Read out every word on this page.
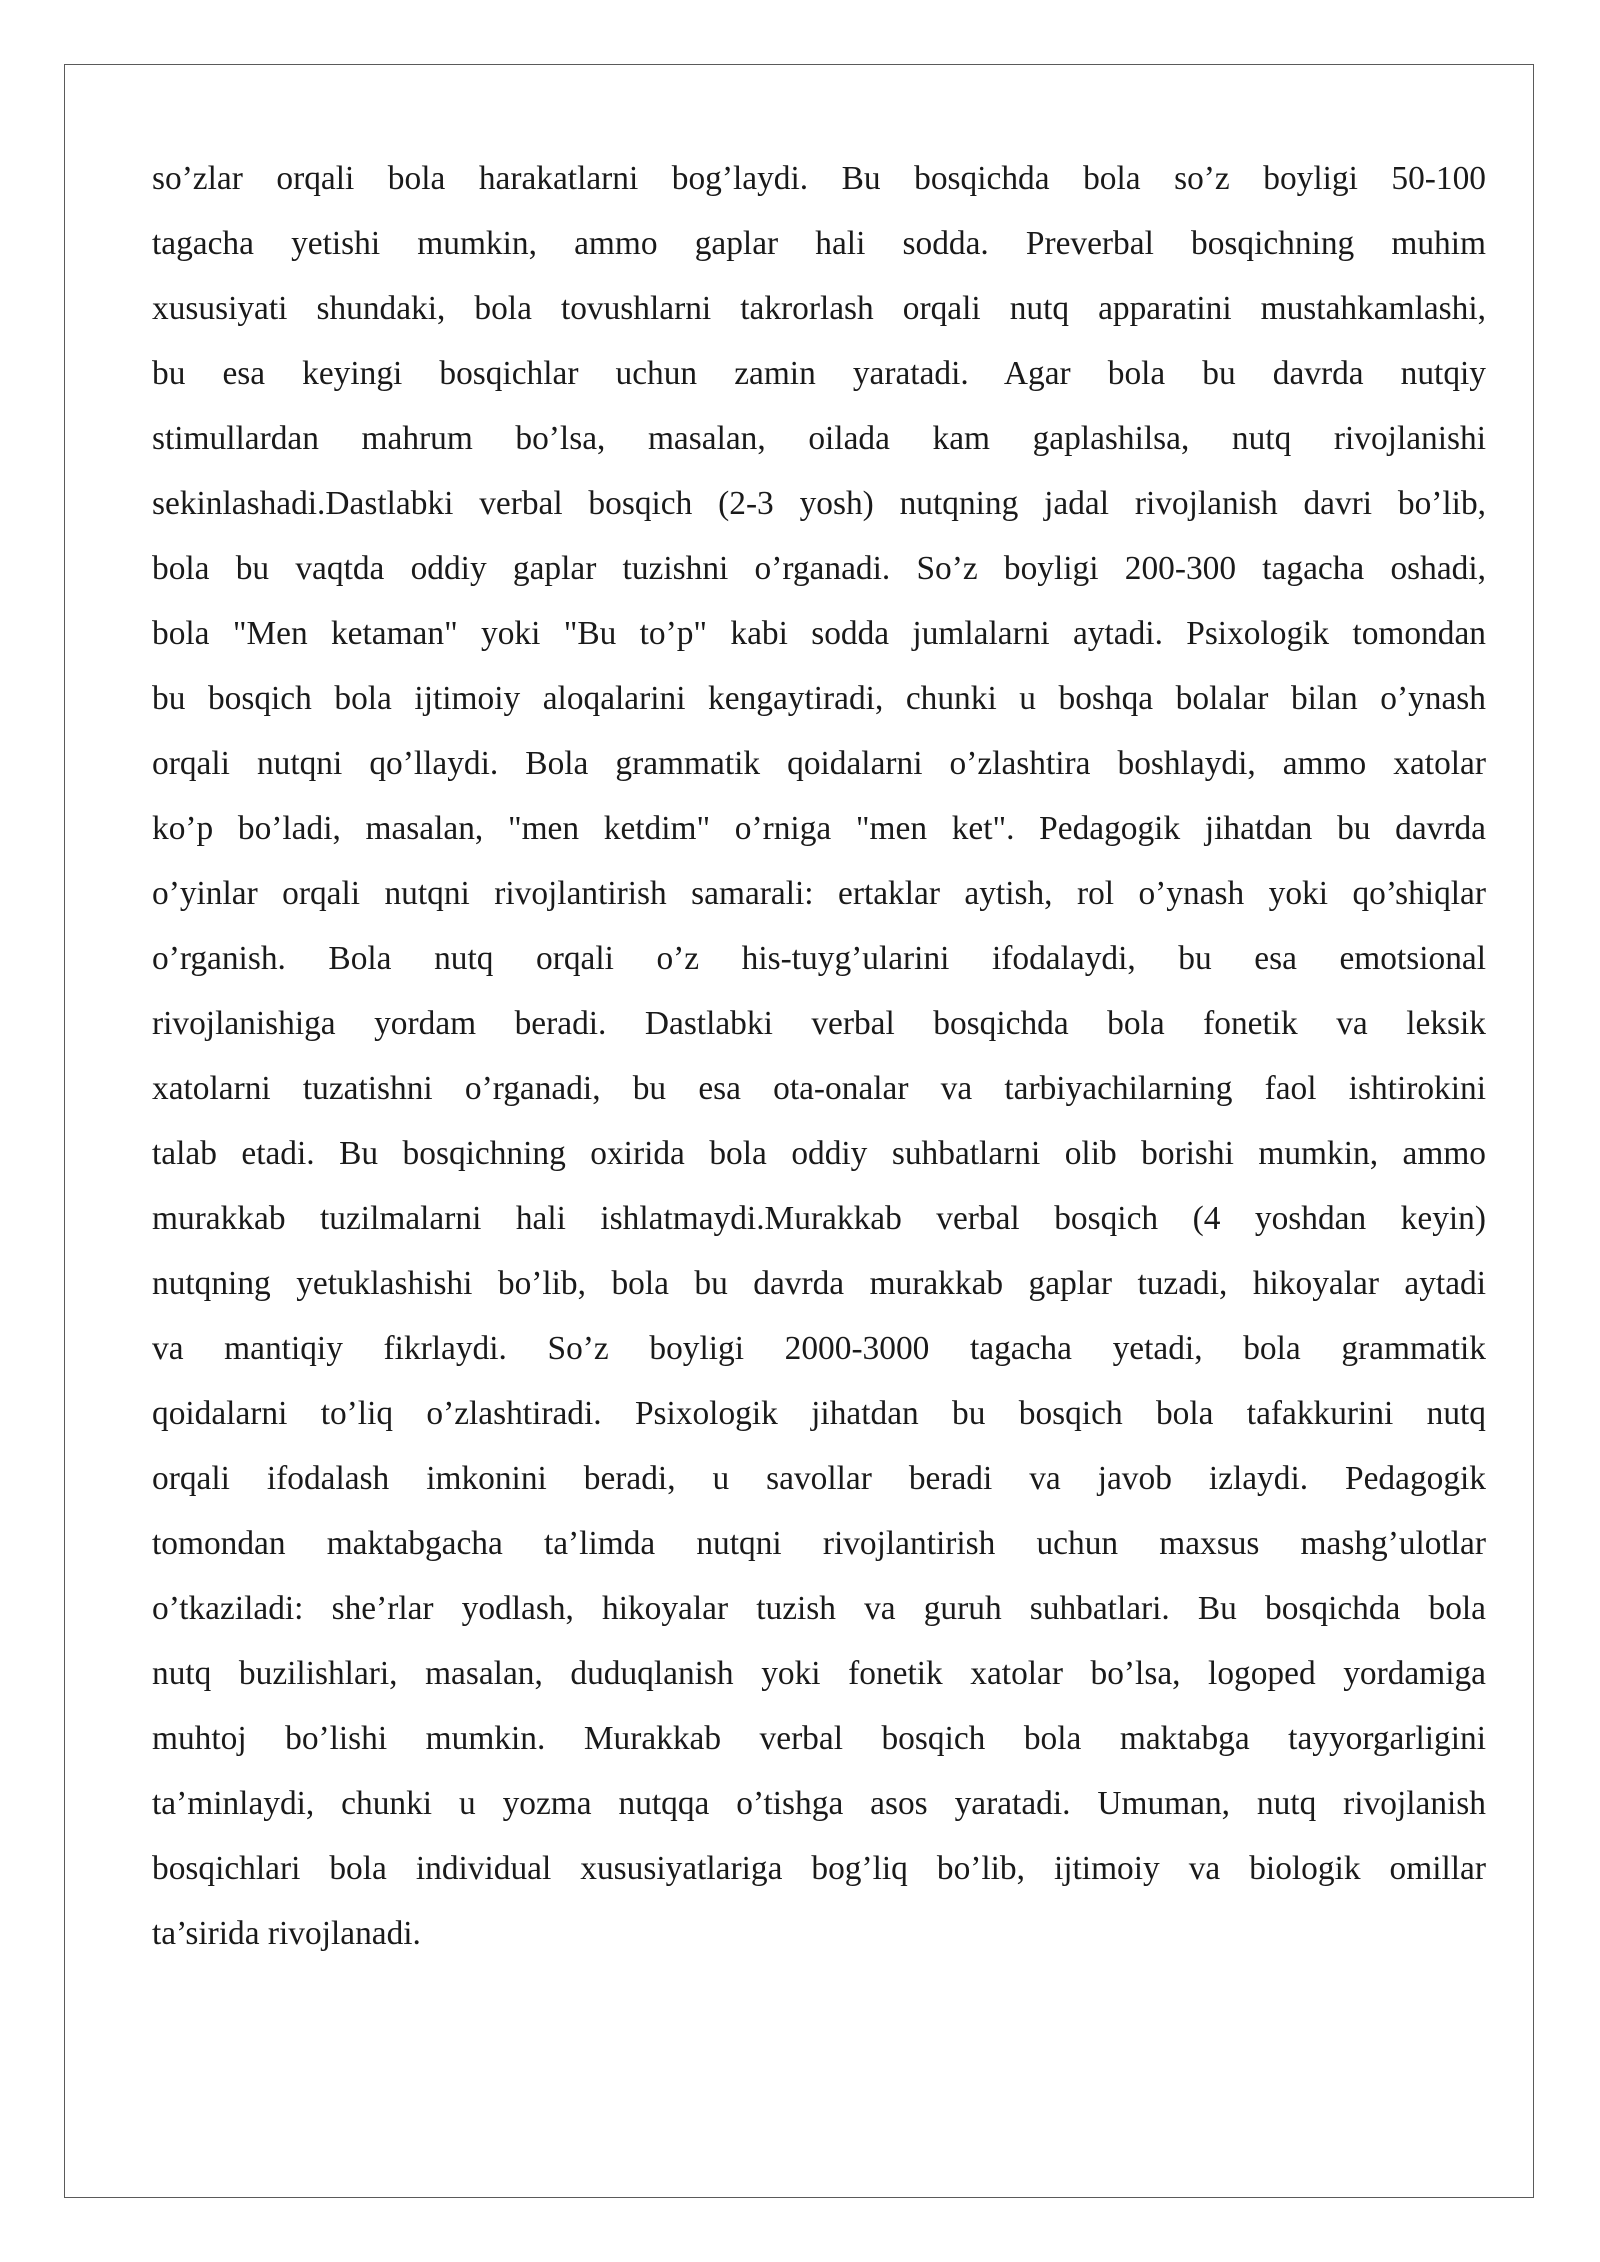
so’zlar orqali bola harakatlarni bog’laydi. Bu bosqichda bola so’z boyligi 50-100
tagacha yetishi mumkin, ammo gaplar hali sodda. Preverbal bosqichning muhim
xususiyati shundaki, bola tovushlarni takrorlash orqali nutq apparatini mustahkamlashi,
bu esa keyingi bosqichlar uchun zamin yaratadi. Agar bola bu davrda nutqiy
stimullardan mahrum bo’lsa, masalan, oilada kam gaplashilsa, nutq rivojlanishi
sekinlashadi.Dastlabki verbal bosqich (2-3 yosh) nutqning jadal rivojlanish davri bo’lib,
bola bu vaqtda oddiy gaplar tuzishni o’rganadi. So’z boyligi 200-300 tagacha oshadi,
bola "Men ketaman" yoki "Bu to’p" kabi sodda jumlalarni aytadi. Psixologik tomondan
bu bosqich bola ijtimoiy aloqalarini kengaytiradi, chunki u boshqa bolalar bilan o’ynash
orqali nutqni qo’llaydi. Bola grammatik qoidalarni o’zlashtira boshlaydi, ammo xatolar
ko’p bo’ladi, masalan, "men ketdim" o’rniga "men ket". Pedagogik jihatdan bu davrda
o’yinlar orqali nutqni rivojlantirish samarali: ertaklar aytish, rol o’ynash yoki qo’shiqlar
o’rganish. Bola nutq orqali o’z his-tuyg’ularini ifodalaydi, bu esa emotsional
rivojlanishiga yordam beradi. Dastlabki verbal bosqichda bola fonetik va leksik
xatolarni tuzatishni o’rganadi, bu esa ota-onalar va tarbiyachilarning faol ishtirokini
talab etadi. Bu bosqichning oxirida bola oddiy suhbatlarni olib borishi mumkin, ammo
murakkab tuzilmalarni hali ishlatmaydi.Murakkab verbal bosqich (4 yoshdan keyin)
nutqning yetuklashishi bo’lib, bola bu davrda murakkab gaplar tuzadi, hikoyalar aytadi
va mantiqiy fikrlaydi. So’z boyligi 2000-3000 tagacha yetadi, bola grammatik
qoidalarni to’liq o’zlashtiradi. Psixologik jihatdan bu bosqich bola tafakkurini nutq
orqali ifodalash imkonini beradi, u savollar beradi va javob izlaydi. Pedagogik
tomondan maktabgacha ta’limda nutqni rivojlantirish uchun maxsus mashg’ulotlar
o’tkaziladi: she’rlar yodlash, hikoyalar tuzish va guruh suhbatlari. Bu bosqichda bola
nutq buzilishlari, masalan, duduqlanish yoki fonetik xatolar bo’lsa, logoped yordamiga
muhtoj bo’lishi mumkin. Murakkab verbal bosqich bola maktabga tayyorgarligini
ta’minlaydi, chunki u yozma nutqqa o’tishga asos yaratadi. Umuman, nutq rivojlanish
bosqichlari bola individual xususiyatlariga bog’liq bo’lib, ijtimoiy va biologik omillar
ta’sirida rivojlanadi.
